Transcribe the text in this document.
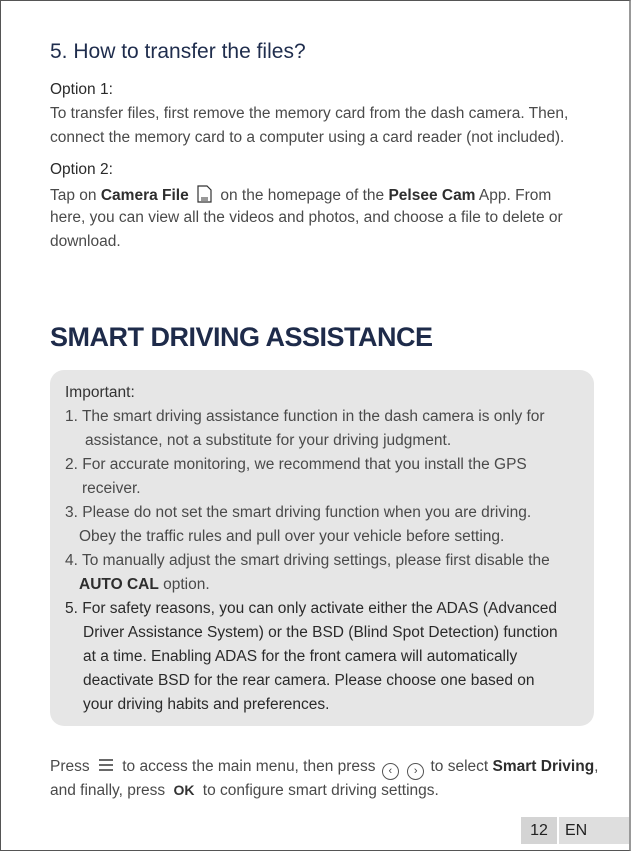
5. How to transfer the files?
Option 1:
To transfer files, first remove the memory card from the dash camera. Then,
connect the memory card to a computer using a card reader (not included).
Option 2:
Tap on Camera File  on the homepage of the Pelsee Cam App. From
here, you can view all the videos and photos, and choose a file to delete or
download.
SMART DRIVING ASSISTANCE
Important:
1. The smart driving assistance function in the dash camera is only for
assistance, not a substitute for your driving judgment.
2. For accurate monitoring, we recommend that you install the GPS
receiver.
3. Please do not set the smart driving function when you are driving.
Obey the traffic rules and pull over your vehicle before setting.
4. To manually adjust the smart driving settings, please first disable the
AUTO CAL option.
5. For safety reasons, you can only activate either the ADAS (Advanced
Driver Assistance System) or the BSD (Blind Spot Detection) function
at a time. Enabling ADAS for the front camera will automatically
deactivate BSD for the rear camera. Please choose one based on
your driving habits and preferences.
Press to access the main menu, then press ‹ › to select Smart Driving,
and finally, press OK to configure smart driving settings.
12	EN
